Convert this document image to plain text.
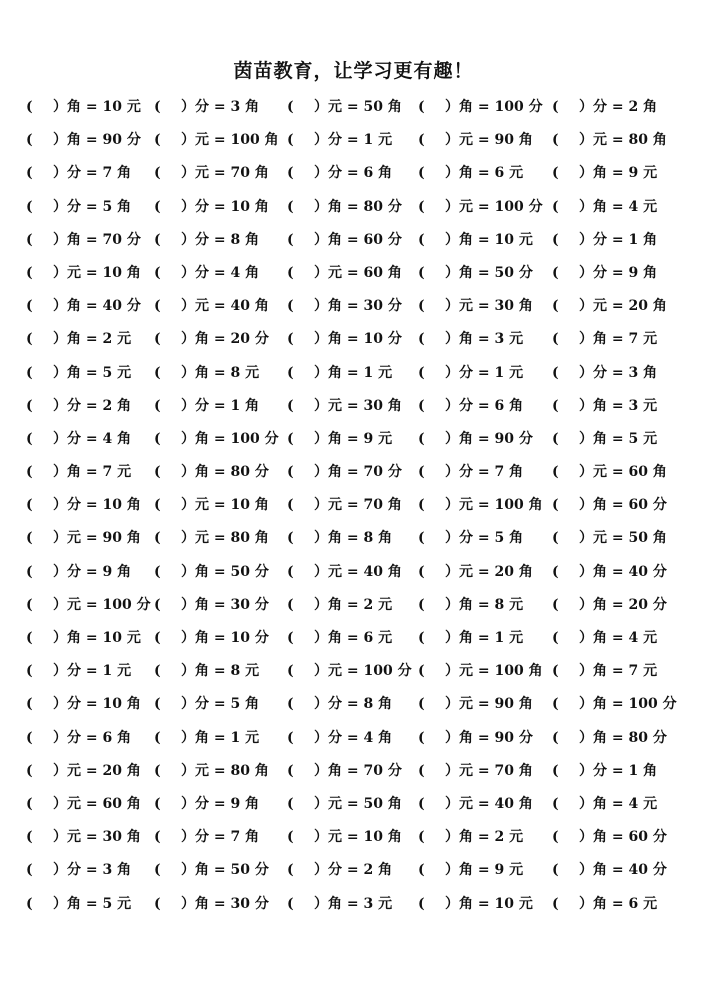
茵苗教育，让学习更有趣！
( ）角 = 10 元 ( ）分 = 3 角 ( ）元 = 50 角 ( ）角 = 100 分 ( ）分 = 2 角
( ）角 = 90 分 ( ）元 = 100 角 ( ）分 = 1 元 ( ）元 = 90 角 ( ）元 = 80 角
( ）分 = 7 角 ( ）元 = 70 角 ( ）分 = 6 角 ( ）角 = 6 元 ( ）角 = 9 元
( ）分 = 5 角 ( ）分 = 10 角 ( ）角 = 80 分 ( ）元 = 100 分 ( ）角 = 4 元
( ）角 = 70 分 ( ）分 = 8 角 ( ）角 = 60 分 ( ）角 = 10 元 ( ）分 = 1 角
( ）元 = 10 角 ( ）分 = 4 角 ( ）元 = 60 角 ( ）角 = 50 分 ( ）分 = 9 角
( ）角 = 40 分 ( ）元 = 40 角 ( ）角 = 30 分 ( ）元 = 30 角 ( ）元 = 20 角
( ）角 = 2 元 ( ）角 = 20 分 ( ）角 = 10 分 ( ）角 = 3 元 ( ）角 = 7 元
( ）角 = 5 元 ( ）角 = 8 元 ( ）角 = 1 元 ( ）分 = 1 元 ( ）分 = 3 角
( ）分 = 2 角 ( ）分 = 1 角 ( ）元 = 30 角 ( ）分 = 6 角 ( ）角 = 3 元
( ）分 = 4 角 ( ）角 = 100 分 ( ）角 = 9 元 ( ）角 = 90 分 ( ）角 = 5 元
( ）角 = 7 元 ( ）角 = 80 分 ( ）角 = 70 分 ( ）分 = 7 角 ( ）元 = 60 角
( ）分 = 10 角 ( ）元 = 10 角 ( ）元 = 70 角 ( ）元 = 100 角 ( ）角 = 60 分
( ）元 = 90 角 ( ）元 = 80 角 ( ）角 = 8 角 ( ）分 = 5 角 ( ）元 = 50 角
( ）分 = 9 角 ( ）角 = 50 分 ( ）元 = 40 角 ( ）元 = 20 角 ( ）角 = 40 分
( ）元 = 100 分 ( ）角 = 30 分 ( ）角 = 2 元 ( ）角 = 8 元 ( ）角 = 20 分
( ）角 = 10 元 ( ）角 = 10 分 ( ）角 = 6 元 ( ）角 = 1 元 ( ）角 = 4 元
( ）分 = 1 元 ( ）角 = 8 元 ( ）元 = 100 分 ( ）元 = 100 角 ( ）角 = 7 元
( ）分 = 10 角 ( ）分 = 5 角 ( ）分 = 8 角 ( ）元 = 90 角 ( ）角 = 100 分
( ）分 = 6 角 ( ）角 = 1 元 ( ）分 = 4 角 ( ）角 = 90 分 ( ）角 = 80 分
( ）元 = 20 角 ( ）元 = 80 角 ( ）角 = 70 分 ( ）元 = 70 角 ( ）分 = 1 角
( ）元 = 60 角 ( ）分 = 9 角 ( ）元 = 50 角 ( ）元 = 40 角 ( ）角 = 4 元
( ）元 = 30 角 ( ）分 = 7 角 ( ）元 = 10 角 ( ）角 = 2 元 ( ）角 = 60 分
( ）分 = 3 角 ( ）角 = 50 分 ( ）分 = 2 角 ( ）角 = 9 元 ( ）角 = 40 分
( ）角 = 5 元 ( ）角 = 30 分 ( ）角 = 3 元 ( ）角 = 10 元 ( ）角 = 6 元
